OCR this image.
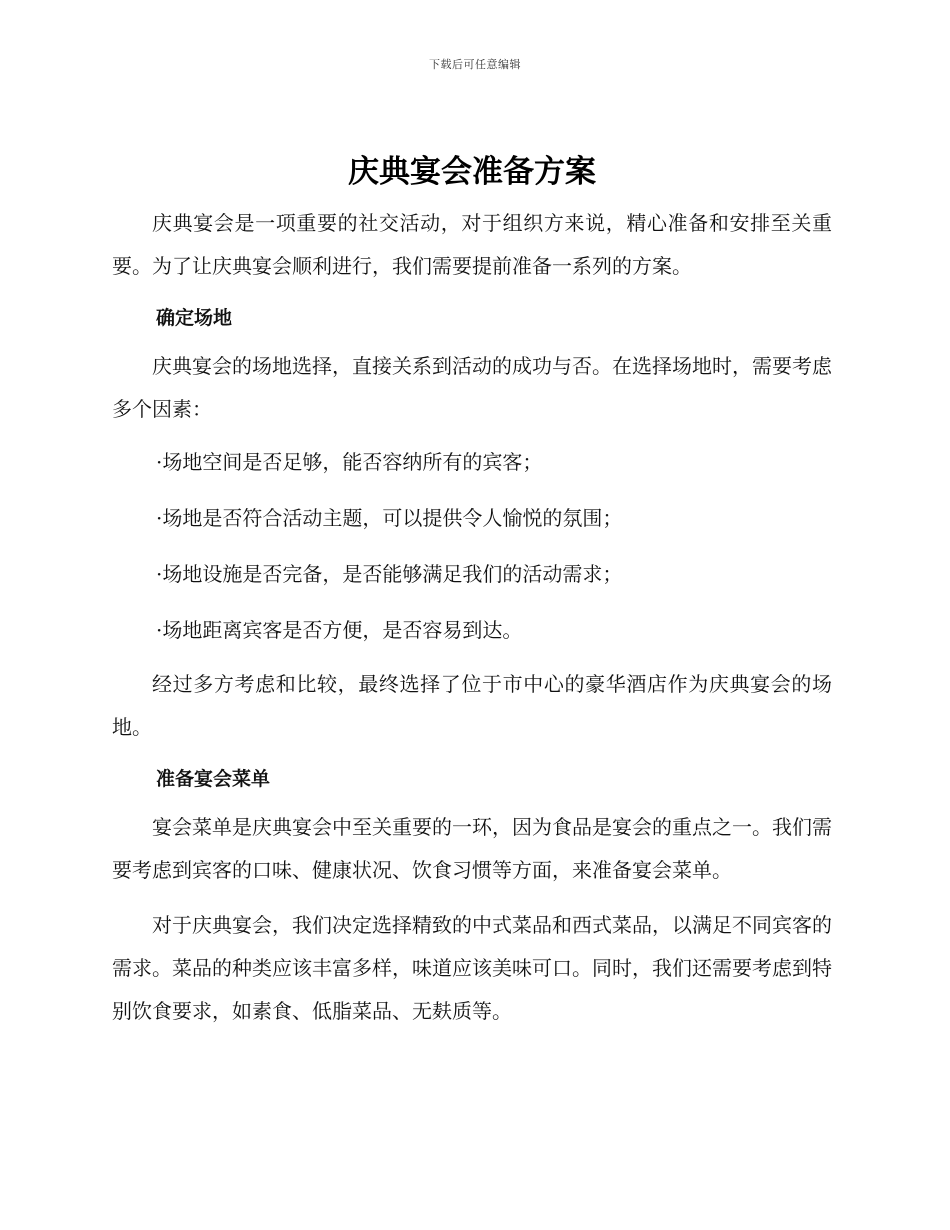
下载后可任意编辑
庆典宴会准备方案

庆典宴会是一项重要的社交活动，对于组织方来说，精心准备和安排至关重要。为了让庆典宴会顺利进行，我们需要提前准备一系列的方案。

确定场地

庆典宴会的场地选择，直接关系到活动的成功与否。在选择场地时，需要考虑多个因素：

·场地空间是否足够，能否容纳所有的宾客；
·场地是否符合活动主题，可以提供令人愉悦的氛围；
·场地设施是否完备，是否能够满足我们的活动需求；
·场地距离宾客是否方便，是否容易到达。

经过多方考虑和比较，最终选择了位于市中心的豪华酒店作为庆典宴会的场地。

准备宴会菜单

宴会菜单是庆典宴会中至关重要的一环，因为食品是宴会的重点之一。我们需要考虑到宾客的口味、健康状况、饮食习惯等方面，来准备宴会菜单。

对于庆典宴会，我们决定选择精致的中式菜品和西式菜品，以满足不同宾客的需求。菜品的种类应该丰富多样，味道应该美味可口。同时，我们还需要考虑到特别饮食要求，如素食、低脂菜品、无麸质等。
